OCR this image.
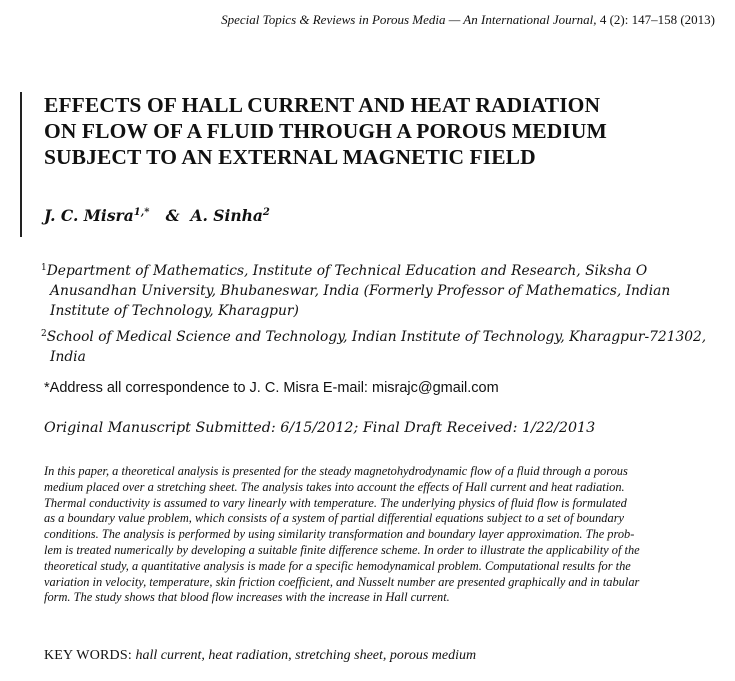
Special Topics & Reviews in Porous Media — An International Journal, 4 (2): 147–158 (2013)
EFFECTS OF HALL CURRENT AND HEAT RADIATION
ON FLOW OF A FLUID THROUGH A POROUS MEDIUM
SUBJECT TO AN EXTERNAL MAGNETIC FIELD
J. C. Misra$^{1,*}$ & A. Sinha$^2$
$^1$Department of Mathematics, Institute of Technical Education and Research, Siksha O
Anusandhan University, Bhubaneswar, India (Formerly Professor of Mathematics, Indian
Institute of Technology, Kharagpur)
$^2$School of Medical Science and Technology, Indian Institute of Technology, Kharagpur-721302,
India
*Address all correspondence to J. C. Misra E-mail: misrajc@gmail.com
Original Manuscript Submitted: 6/15/2012; Final Draft Received: 1/22/2013
In this paper, a theoretical analysis is presented for the steady magnetohydrodynamic flow of a fluid through a porous
medium placed over a stretching sheet. The analysis takes into account the effects of Hall current and heat radiation.
Thermal conductivity is assumed to vary linearly with temperature. The underlying physics of fluid flow is formulated
as a boundary value problem, which consists of a system of partial differential equations subject to a set of boundary
conditions. The analysis is performed by using similarity transformation and boundary layer approximation. The prob-
lem is treated numerically by developing a suitable finite difference scheme. In order to illustrate the applicability of the
theoretical study, a quantitative analysis is made for a specific hemodynamical problem. Computational results for the
variation in velocity, temperature, skin friction coefficient, and Nusselt number are presented graphically and in tabular
form. The study shows that blood flow increases with the increase in Hall current.
KEY WORDS: hall current, heat radiation, stretching sheet, porous medium
